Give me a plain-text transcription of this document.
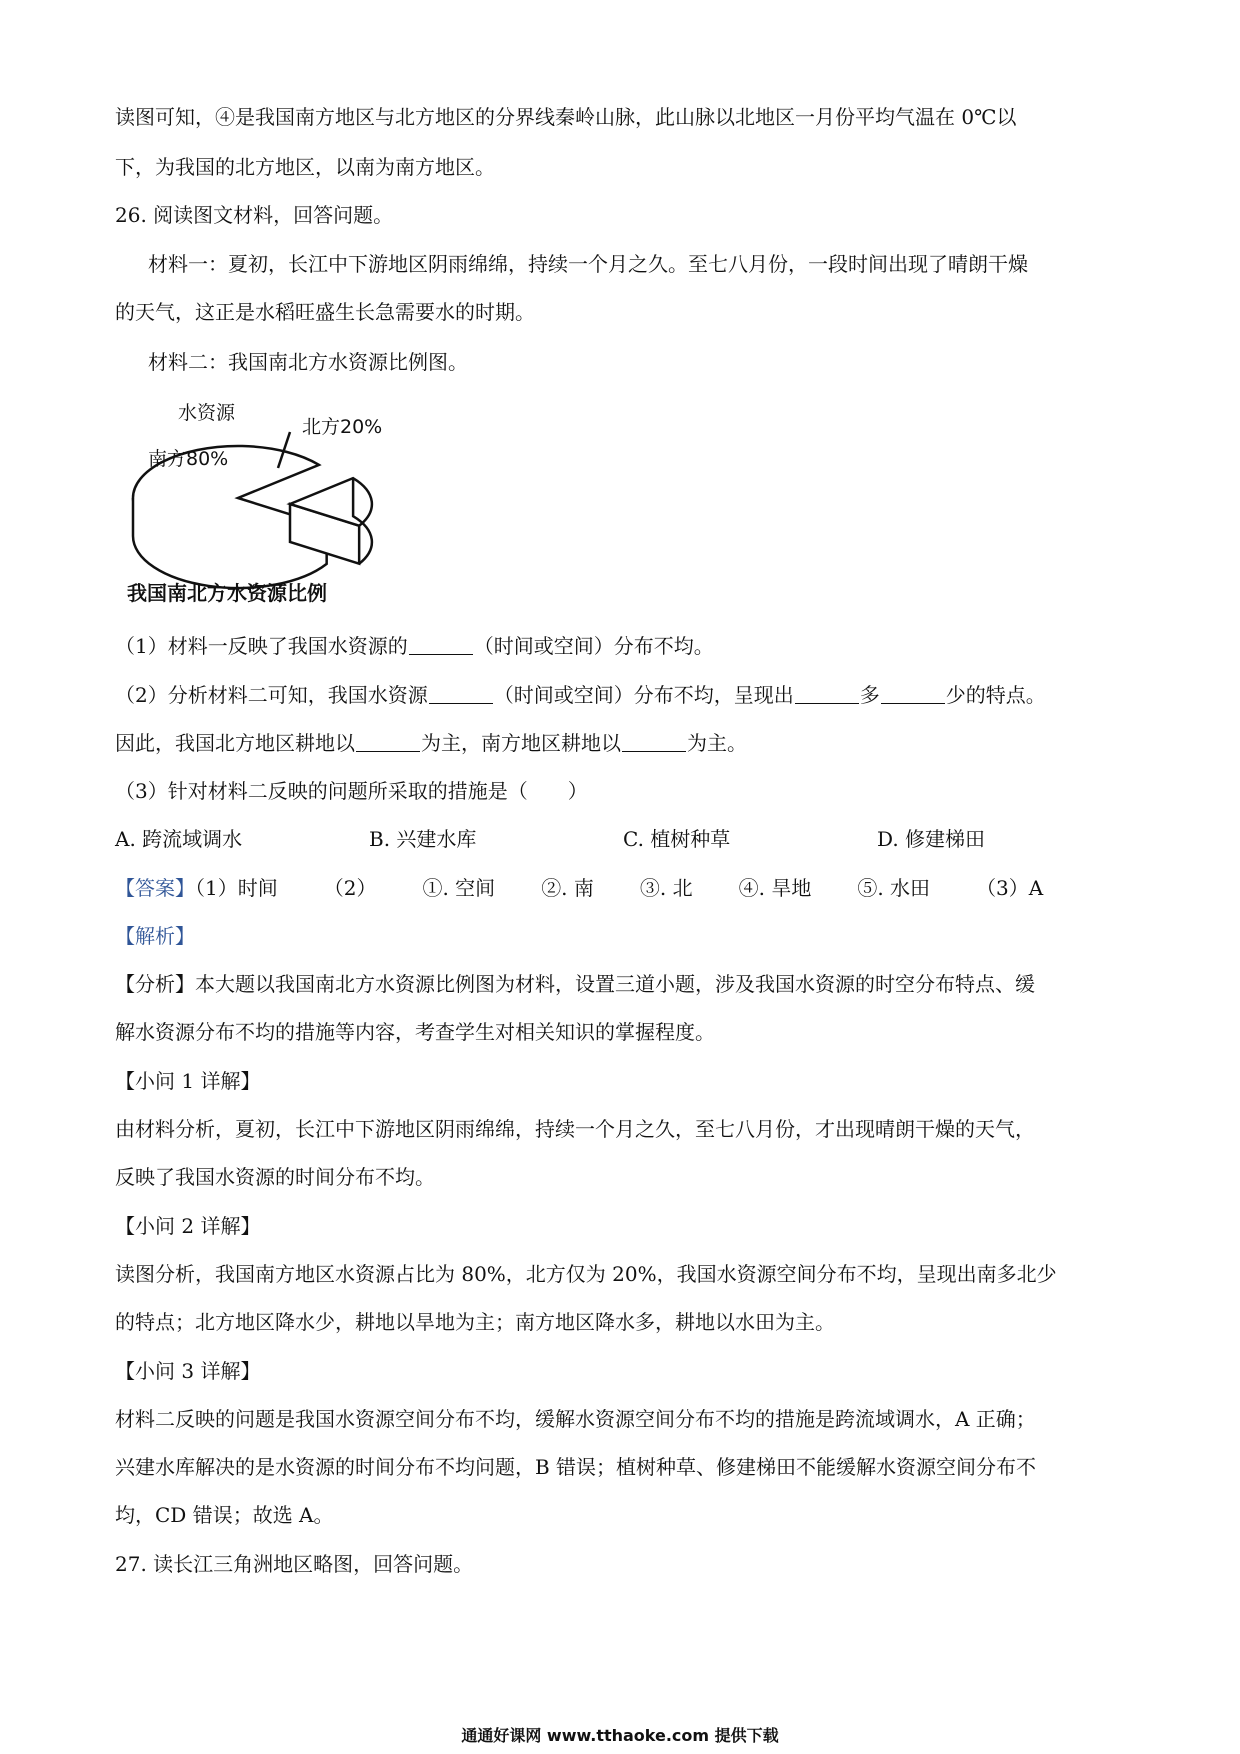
读图可知，④是我国南方地区与北方地区的分界线秦岭山脉，此山脉以北地区一月份平均气温在 0℃以
下，为我国的北方地区，以南为南方地区。
26. 阅读图文材料，回答问题。
材料一：夏初，长江中下游地区阴雨绵绵，持续一个月之久。至七八月份，一段时间出现了晴朗干燥
的天气，这正是水稻旺盛生长急需要水的时期。
材料二：我国南北方水资源比例图。
水资源
南方80%
北方20%
我国南北方水资源比例
（1）材料一反映了我国水资源的	（时间或空间）分布不均。
（2）分析材料二可知，我国水资源	（时间或空间）分布不均，呈现出	多	少的特点。
因此，我国北方地区耕地以	为主，南方地区耕地以	为主。
（3）针对材料二反映的问题所采取的措施是（　　）
A. 跨流域调水	B. 兴建水库	C. 植树种草	D. 修建梯田
【答案】（1）时间 （2） ①. 空间 ②. 南 ③. 北 ④. 旱地 ⑤. 水田 （3）A
【解析】
【分析】本大题以我国南北方水资源比例图为材料，设置三道小题，涉及我国水资源的时空分布特点、缓
解水资源分布不均的措施等内容，考查学生对相关知识的掌握程度。
【小问 1 详解】
由材料分析，夏初，长江中下游地区阴雨绵绵，持续一个月之久，至七八月份，才出现晴朗干燥的天气，
反映了我国水资源的时间分布不均。
【小问 2 详解】
读图分析，我国南方地区水资源占比为 80%，北方仅为 20%，我国水资源空间分布不均，呈现出南多北少
的特点；北方地区降水少，耕地以旱地为主；南方地区降水多，耕地以水田为主。
【小问 3 详解】
材料二反映的问题是我国水资源空间分布不均，缓解水资源空间分布不均的措施是跨流域调水，A 正确；
兴建水库解决的是水资源的时间分布不均问题，B 错误；植树种草、修建梯田不能缓解水资源空间分布不
均，CD 错误；故选 A。
27. 读长江三角洲地区略图，回答问题。
通通好课网 www.tthaoke.com 提供下载
